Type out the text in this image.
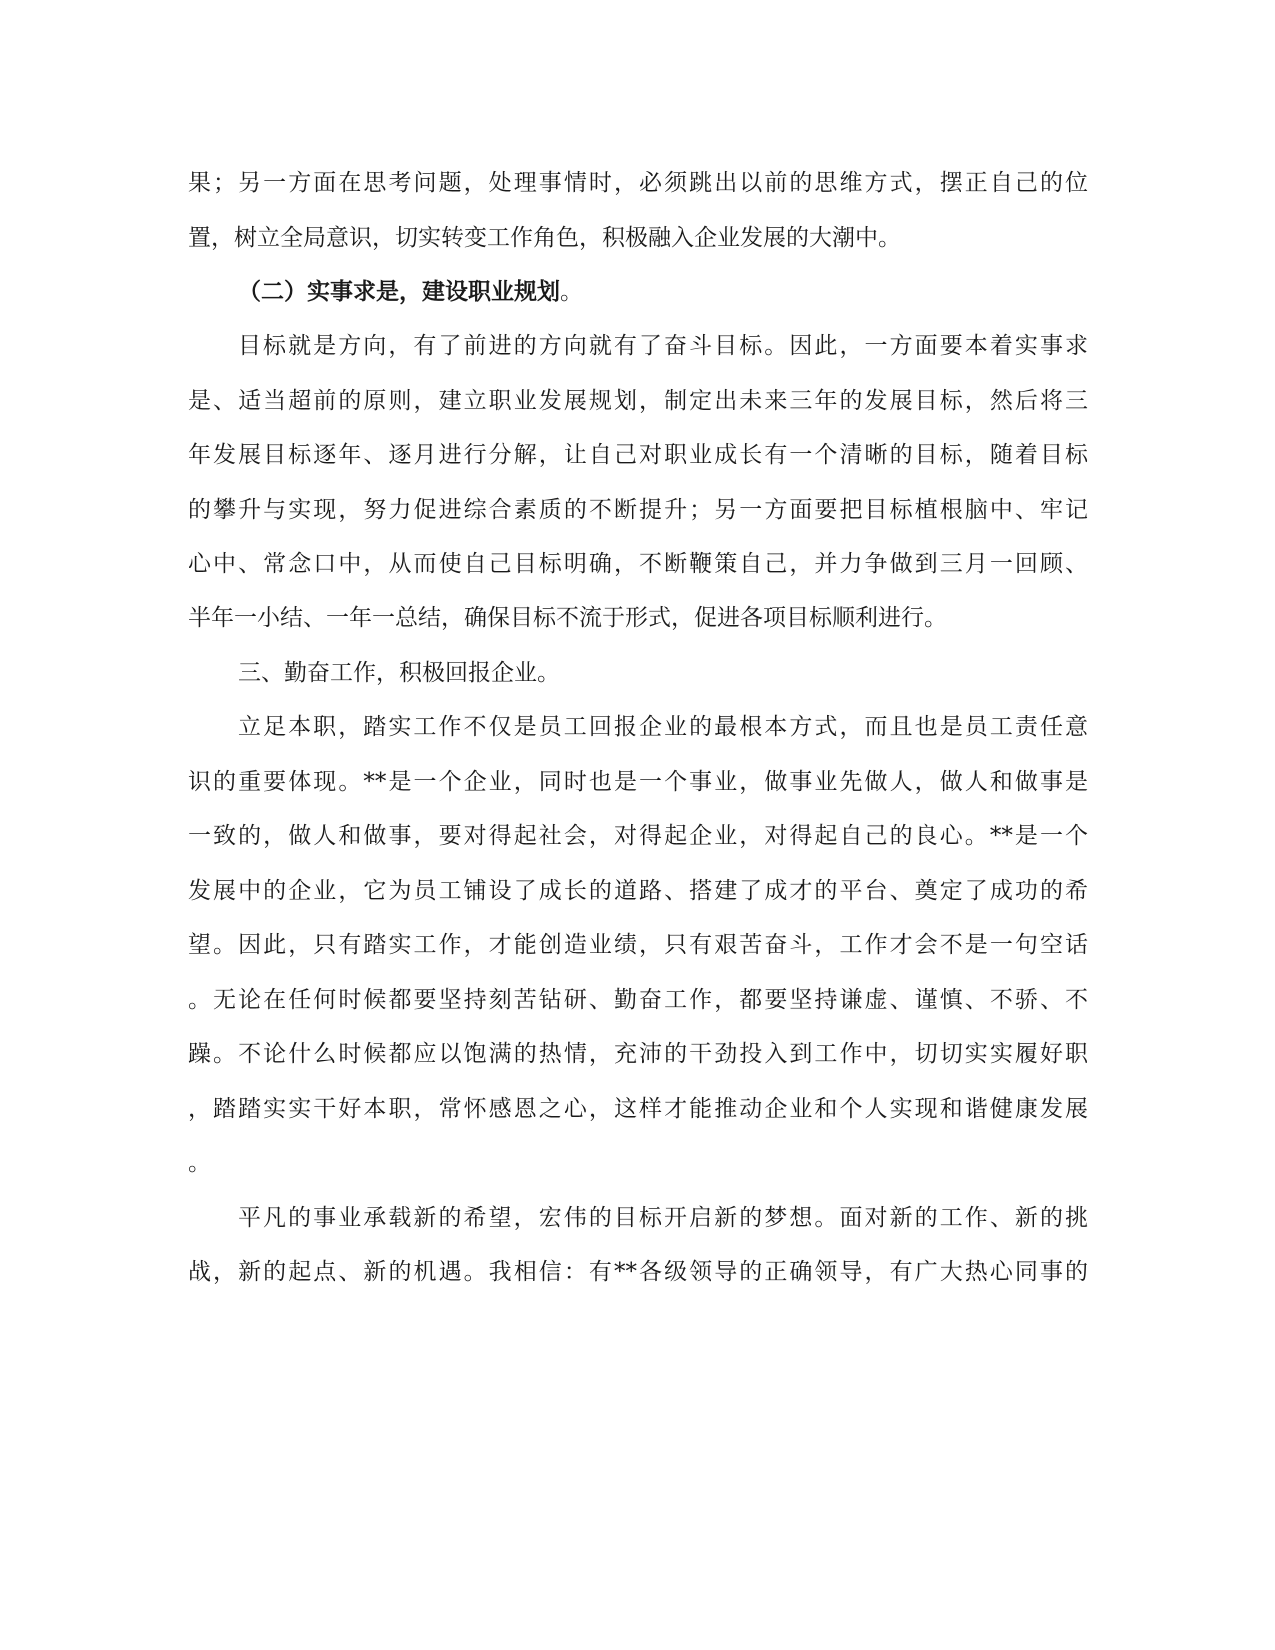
果；另一方面在思考问题，处理事情时，必须跳出以前的思维方式，摆正自己的位
置，树立全局意识，切实转变工作角色，积极融入企业发展的大潮中。
（二）实事求是，建设职业规划。
目标就是方向，有了前进的方向就有了奋斗目标。因此，一方面要本着实事求
是、适当超前的原则，建立职业发展规划，制定出未来三年的发展目标，然后将三
年发展目标逐年、逐月进行分解，让自己对职业成长有一个清晰的目标，随着目标
的攀升与实现，努力促进综合素质的不断提升；另一方面要把目标植根脑中、牢记
心中、常念口中，从而使自己目标明确，不断鞭策自己，并力争做到三月一回顾、
半年一小结、一年一总结，确保目标不流于形式，促进各项目标顺利进行。
三、勤奋工作，积极回报企业。
立足本职，踏实工作不仅是员工回报企业的最根本方式，而且也是员工责任意
识的重要体现。**是一个企业，同时也是一个事业，做事业先做人，做人和做事是
一致的，做人和做事，要对得起社会，对得起企业，对得起自己的良心。**是一个
发展中的企业，它为员工铺设了成长的道路、搭建了成才的平台、奠定了成功的希
望。因此，只有踏实工作，才能创造业绩，只有艰苦奋斗，工作才会不是一句空话
。无论在任何时候都要坚持刻苦钻研、勤奋工作，都要坚持谦虚、谨慎、不骄、不
躁。不论什么时候都应以饱满的热情，充沛的干劲投入到工作中，切切实实履好职
，踏踏实实干好本职，常怀感恩之心，这样才能推动企业和个人实现和谐健康发展
。
平凡的事业承载新的希望，宏伟的目标开启新的梦想。面对新的工作、新的挑
战，新的起点、新的机遇。我相信：有**各级领导的正确领导，有广大热心同事的
